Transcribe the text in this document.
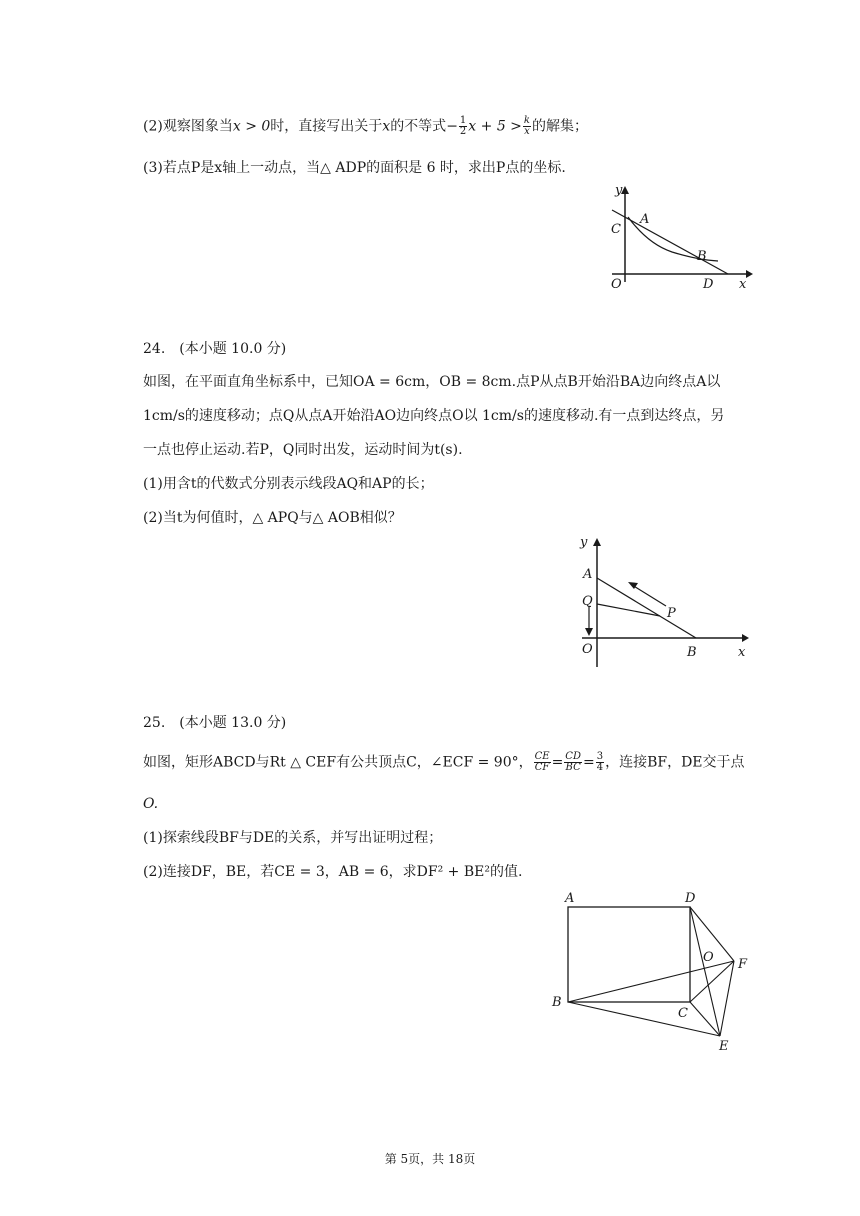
(2)观察图象当x > 0时，直接写出关于x的不等式− $\frac{1}{2}$ $x + 5 > \frac{k}{x}$ 的解集；
(3)若点P是x轴上一动点，当△ ADP的面积是 6 时，求出P点的坐标.
y
A
C
B
O	D x
24.　(本小题 10.0 分)
如图，在平面直角坐标系中，已知OA = 6cm，OB = 8cm.点P从点B开始沿BA边向终点A以
1cm/s的速度移动；点Q从点A开始沿AO边向终点O以 1cm/s的速度移动.有一点到达终点，另
一点也停止运动.若P，Q同时出发，运动时间为t(s).
(1)用含t的代数式分别表示线段AQ和AP的长；
(2)当t为何值时，△ APQ与△ AOB相似？
y
A
Q
P
O	B	x
25.　(本小题 13.0 分)
如图，矩形ABCD与Rt △ CEF有公共顶点C，∠ECF = 90°， $\frac{CE}{CF} = \frac{CD}{BC} = \frac{3}{4}$ ，连接BF，DE交于点
O.
(1)探索线段BF与DE的关系，并写出证明过程；
(2)连接DF，BE，若CE = 3，AB = 6，求DF² + BE²的值.
A	D
O F
B
C
E
第 5页，共 18页
